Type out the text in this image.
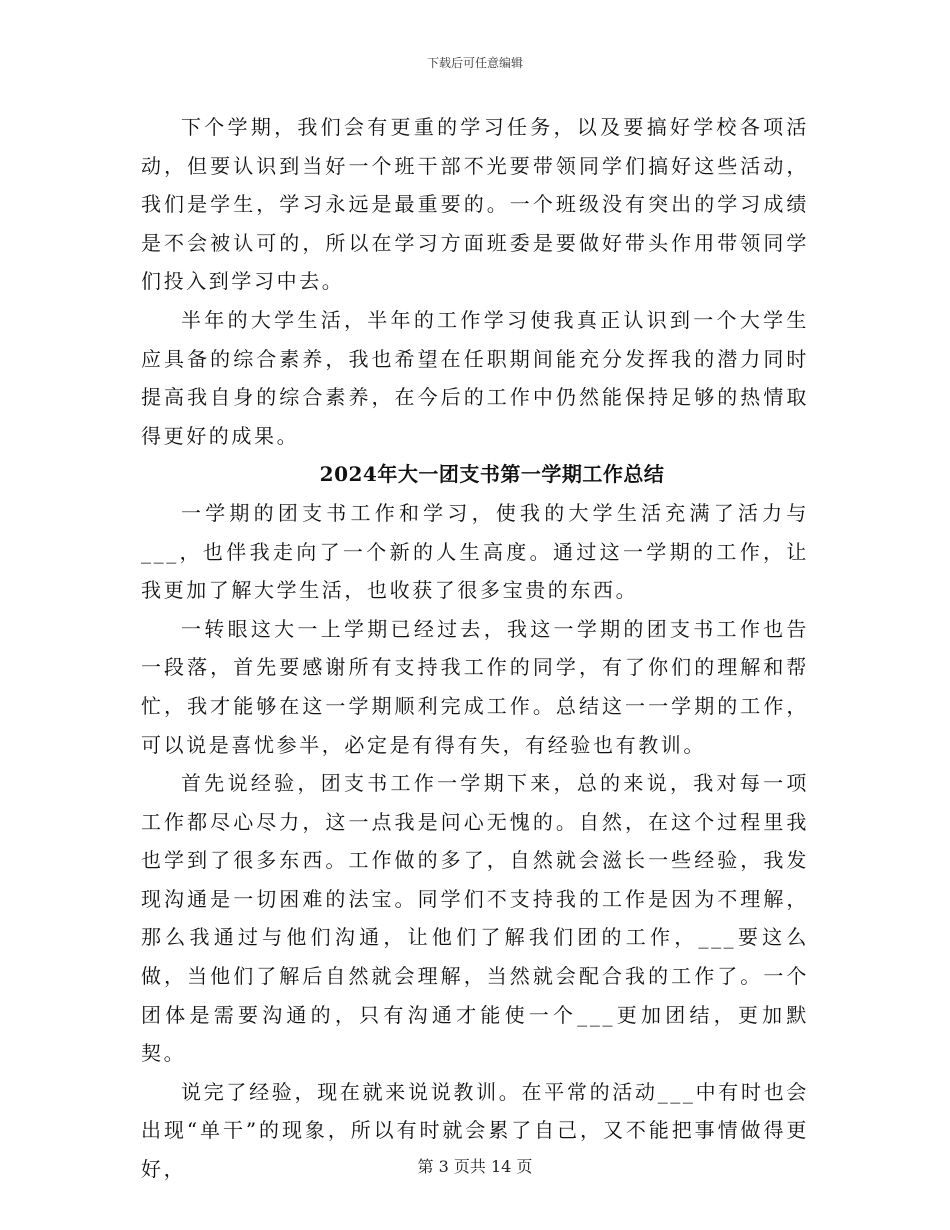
下载后可任意编辑

下个学期，我们会有更重的学习任务，以及要搞好学校各项活动，但要认识到当好一个班干部不光要带领同学们搞好这些活动，我们是学生，学习永远是最重要的。一个班级没有突出的学习成绩是不会被认可的，所以在学习方面班委是要做好带头作用带领同学们投入到学习中去。

半年的大学生活，半年的工作学习使我真正认识到一个大学生应具备的综合素养，我也希望在任职期间能充分发挥我的潜力同时提高我自身的综合素养，在今后的工作中仍然能保持足够的热情取得更好的成果。

2024年大一团支书第一学期工作总结

一学期的团支书工作和学习，使我的大学生活充满了活力与___，也伴我走向了一个新的人生高度。通过这一学期的工作，让我更加了解大学生活，也收获了很多宝贵的东西。

一转眼这大一上学期已经过去，我这一学期的团支书工作也告一段落，首先要感谢所有支持我工作的同学，有了你们的理解和帮忙，我才能够在这一学期顺利完成工作。总结这一一学期的工作，可以说是喜忧参半，必定是有得有失，有经验也有教训。

首先说经验，团支书工作一学期下来，总的来说，我对每一项工作都尽心尽力，这一点我是问心无愧的。自然，在这个过程里我也学到了很多东西。工作做的多了，自然就会滋长一些经验，我发现沟通是一切困难的法宝。同学们不支持我的工作是因为不理解，那么我通过与他们沟通，让他们了解我们团的工作，___要这么做，当他们了解后自然就会理解，当然就会配合我的工作了。一个团体是需要沟通的，只有沟通才能使一个___更加团结，更加默契。

说完了经验，现在就来说说教训。在平常的活动___中有时也会出现“单干”的现象，所以有时就会累了自己，又不能把事情做得更好，	第 3 页共 14 页
